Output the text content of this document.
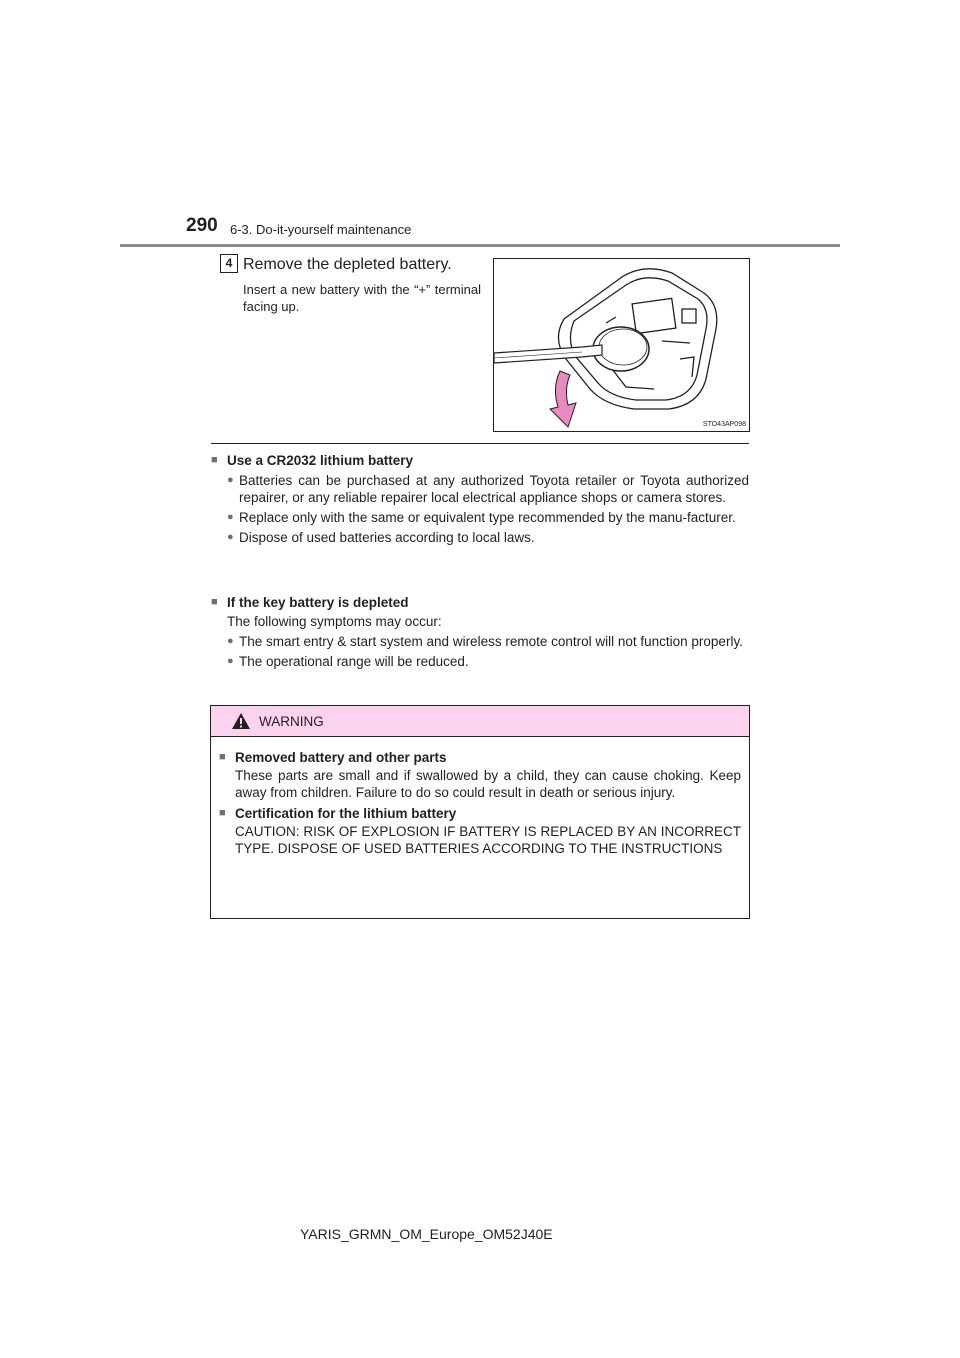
290 6-3. Do-it-yourself maintenance
4 Remove the depleted battery.
Insert a new battery with the “+” terminal facing up.
STO43AP098
■ Use a CR2032 lithium battery
● Batteries can be purchased at any authorized Toyota retailer or Toyota authorized repairer, or any reliable repairer local electrical appliance shops or camera stores.
● Replace only with the same or equivalent type recommended by the manu-facturer.
● Dispose of used batteries according to local laws.
■ If the key battery is depleted
The following symptoms may occur:
● The smart entry & start system and wireless remote control will not function properly.
● The operational range will be reduced.
WARNING
■ Removed battery and other parts
These parts are small and if swallowed by a child, they can cause choking. Keep away from children. Failure to do so could result in death or serious injury.
■ Certification for the lithium battery
CAUTION: RISK OF EXPLOSION IF BATTERY IS REPLACED BY AN INCORRECT TYPE. DISPOSE OF USED BATTERIES ACCORDING TO THE INSTRUCTIONS
YARIS_GRMN_OM_Europe_OM52J40E
